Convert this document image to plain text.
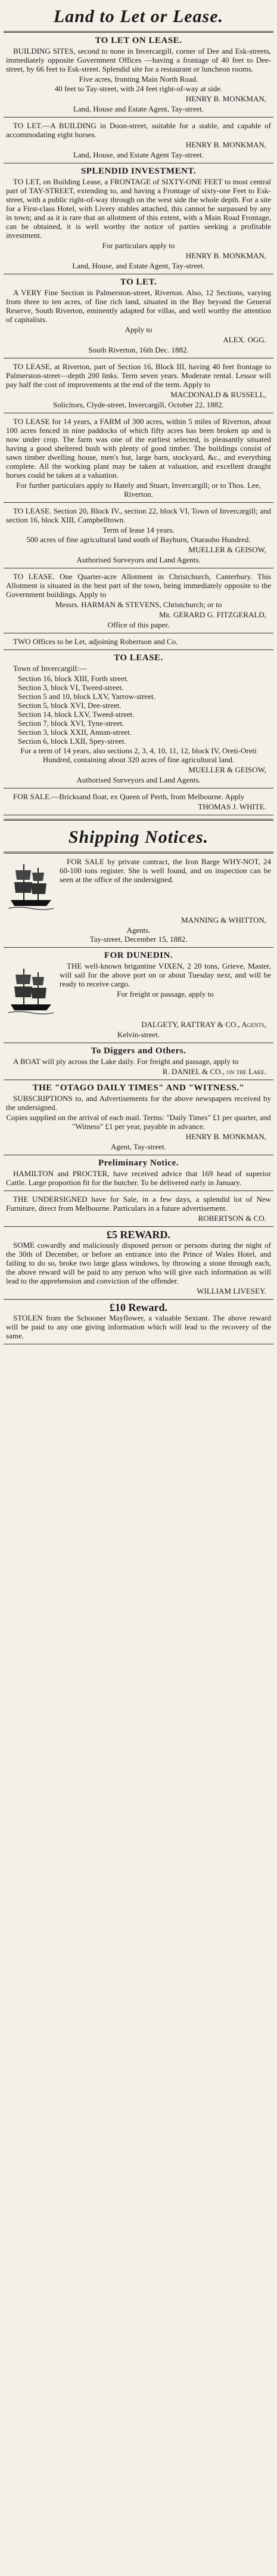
Land to Let or Lease.
TO LET ON LEASE.

BUILDING SITES, second to none in Invercargill, corner of Dee and Esk-streets, immediately opposite Government Offices —having a frontage of 40 feet to Dee-street, by 66 feet to Esk-street. Splendid site for a restaurant or luncheon rooms.

Five acres, fronting Main North Road.
40 feet to Tay-street, with 24 feet right-of-way at side.
HENRY B. MONKMAN,
Land, House and Estate Agent, Tay-street.

TO LET.—A BUILDING in Doon-street, suitable for a stable, and capable of accommodating eight horses.

HENRY B. MONKMAN,
Land, House, and Estate Agent Tay-street.
SPLENDID INVESTMENT.

TO LET, on Building Lease, a FRONTAGE of SIXTY-ONE FEET to most central part of TAY-STREET, extending to, and having a Frontage of sixty-one Feet to Esk-street, with a public right-of-way through on the west side the whole depth. For a site for a First-class Hotel, with Livery stables attached, this cannot be surpassed by any in town; and as it is rare that an allotment of this extent, with a Main Road Frontage, can be obtained, it is well worthy the notice of parties seeking a profitable investment.

For particulars apply to
HENRY B. MONKMAN,
Land, House, and Estate Agent, Tay-street.
TO LET.

A VERY Fine Section in Palmerston-street, Riverton. Also, 12 Sections, varying from three to ten acres, of fine rich land, situated in the Bay beyond the General Reserve, South Riverton, eminently adapted for villas, and well worthy the attention of capitalists.

Apply to
ALEX. OGG.
South Riverton, 16th Dec. 1882.

TO LEASE, at Riverton, part of Section 16, Block III, having 40 feet frontage to Palmerston-street—depth 200 links. Term seven years. Moderate rental. Lessor will pay half the cost of improvements at the end of the term. Apply to

MACDONALD & RUSSELL,
Solicitors, Clyde-street, Invercargill, October 22, 1882.

TO LEASE for 14 years, a FARM of 300 acres, within 5 miles of Riverton, about 100 acres fenced in nine paddocks of which fifty acres has been broken up and is now under crop. The farm was one of the earliest selected, is pleasantly situated having a good sheltered bush with plenty of good timber. The buildings consist of sawn timber dwelling house, men's hut, large barn, stockyard, &c., and everything complete. All the working plant may be taken at valuation, and excellent draught horses could be taken at a valuation.

For further particulars apply to Hately and Stuart, Invercargill; or to Thos. Lee, Riverton.

TO LEASE. Section 20, Block IV., section 22, block VI, Town of Invercargill; and section 16, block XIII, Campbelltown.

Term of lease 14 years.
500 acres of fine agricultural land south of Bayburn, Otaraoho Hundred.
MUELLER & GEISOW,
Authorised Surveyors and Land Agents.

TO LEASE. One Quarter-acre Allotment in Christchurch, Canterbury. This Allotment is situated in the best part of the town, being immediately opposite to the Government buildings. Apply to

Messrs. HARMAN & STEVENS, Christchurch; or to
Mr. GERARD G. FITZGERALD,
Office of this paper.

TWO Offices to be Let, adjoining Robertson and Co.

TO LEASE.

Town of Invercargill:—

Section 16, block XIII, Forth street.
Section 3, block VI, Tweed-street.
Section 5 and 10, block LXV, Yarrow-street.
Section 5, block XVI, Dee-street.
Section 14, block LXV, Tweed-street.
Section 7, block XVI, Tyne-street.
Section 3, block XXII, Annan-street.
Section 6, block LXII, Spey-street.
For a term of 14 years, also sections 2, 3, 4, 10, 11, 12, block IV, Oreti-Oreti Hundred, containing about 320 acres of fine agricultural land.
MUELLER & GEISOW,
Authorised Surveyors and Land Agents.

FOR SALE.—Bricksand float, ex Queen of Perth, from Melbourne. Apply

THOMAS J. WHITE.
Shipping Notices.

FOR SALE by private contract, the Iron Barge WHY-NOT, 24 60-100 tons register. She is well found, and on inspection can be seen at the office of the undersigned.

MANNING & WHITTON,
Agents.
Tay-street, December 15, 1882.
FOR DUNEDIN.

THE well-known brigantine VIXEN, 2 20 tons, Grieve, Master, will sail for the above port on or about Tuesday next, and will be ready to receive cargo.

For freight or passage, apply to
DALGETY, RATTRAY & CO., Agents,
Kelvin-street.
To Diggers and Others.

A BOAT will ply across the Lake daily. For freight and passage, apply to

R. DANIEL & CO., on the Lake.
THE "OTAGO DAILY TIMES" AND "WITNESS."

SUBSCRIPTIONS to, and Advertisements for the above newspapers received by the undersigned.

Copies supplied on the arrival of each mail. Terms: "Daily Times" £1 per quarter, and "Witness" £1 per year, payable in advance.
HENRY B. MONKMAN,
Agent, Tay-street.
Preliminary Notice.

HAMILTON and PROCTER, have received advice that 169 head of superior Cattle. Large proportion fit for the butcher. To be delivered early in January.

THE UNDERSIGNED have for Sale, in a few days, a splendid lot of New Furniture, direct from Melbourne. Particulars in a future advertisement.

ROBERTSON & CO.
£5 REWARD.

SOME cowardly and maliciously disposed person or persons during the night of the 30th of December, or before an entrance into the Prince of Wales Hotel, and failing to do so, broke two large glass windows, by throwing a stone through each, the above reward will be paid to any person who will give such information as will lead to the apprehension and conviction of the offender.

WILLIAM LIVESEY.
£10 Reward.

STOLEN from the Schooner Mayflower, a valuable Sextant. The above reward will be paid to any one giving information which will lead to the recovery of the same.
